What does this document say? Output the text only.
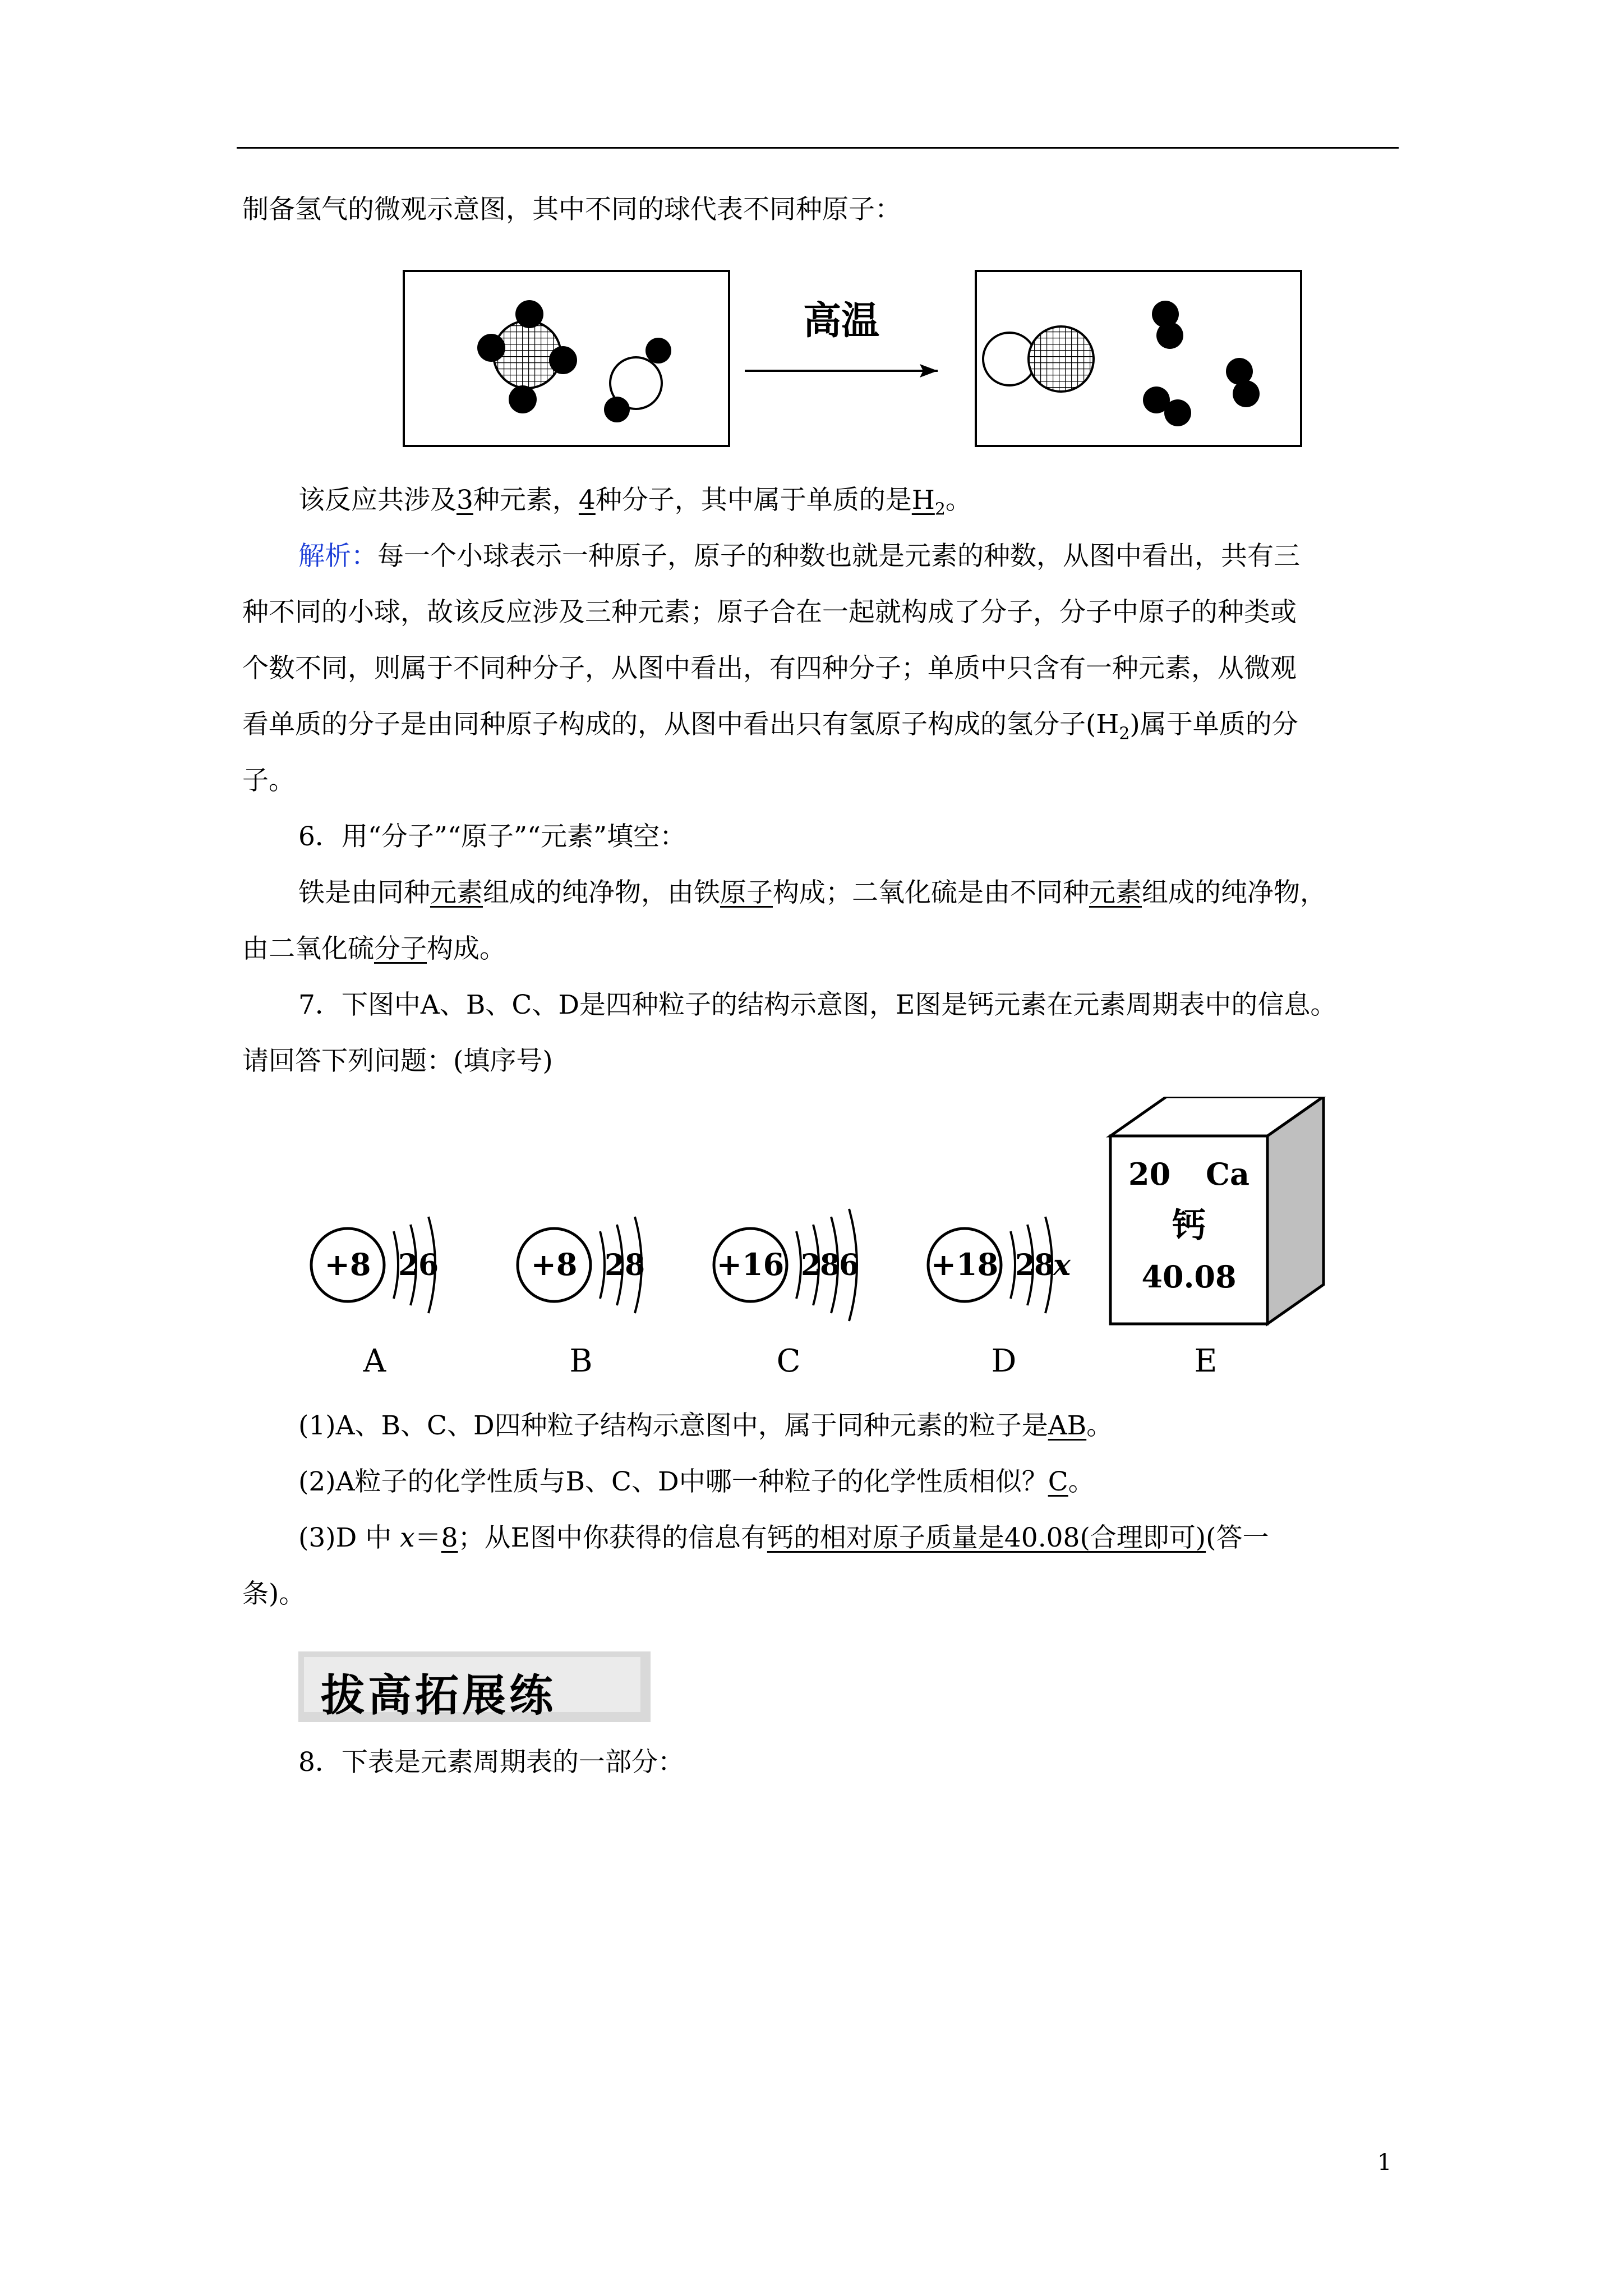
制备氢气的微观示意图，其中不同的球代表不同种原子：
高温
该反应共涉及3种元素，4种分子，其中属于单质的是$H_2$。
解析：每一个小球表示一种原子，原子的种数也就是元素的种数，从图中看出，共有三
种不同的小球，故该反应涉及三种元素；原子合在一起就构成了分子，分子中原子的种类或
个数不同，则属于不同种分子，从图中看出，有四种分子；单质中只含有一种元素，从微观
看单质的分子是由同种原子构成的，从图中看出只有氢原子构成的氢分子$(H_2)$属于单质的分
子。
6．用“分子”“原子”“元素”填空：
铁是由同种元素组成的纯净物，由铁原子构成；二氧化硫是由不同种元素组成的纯净物，
由二氧化硫分子构成。
7．下图中A、B、C、D是四种粒子的结构示意图，E图是钙元素在元素周期表中的信息。
请回答下列问题：(填序号)
+8 2 6
A
+8 2 8
B
+16 2
8
6
C
+18 2
8
x
D
20 Ca
钙
40.08
E
(1)A、B、C、D四种粒子结构示意图中，属于同种元素的粒子是AB。
(2)A粒子的化学性质与B、C、D中哪一种粒子的化学性质相似？C。
(3)D 中 x＝8；从E图中你获得的信息有钙的相对原子质量是40.08(合理即可)(答一
条)。
拔高拓展练
8．下表是元素周期表的一部分：
1
